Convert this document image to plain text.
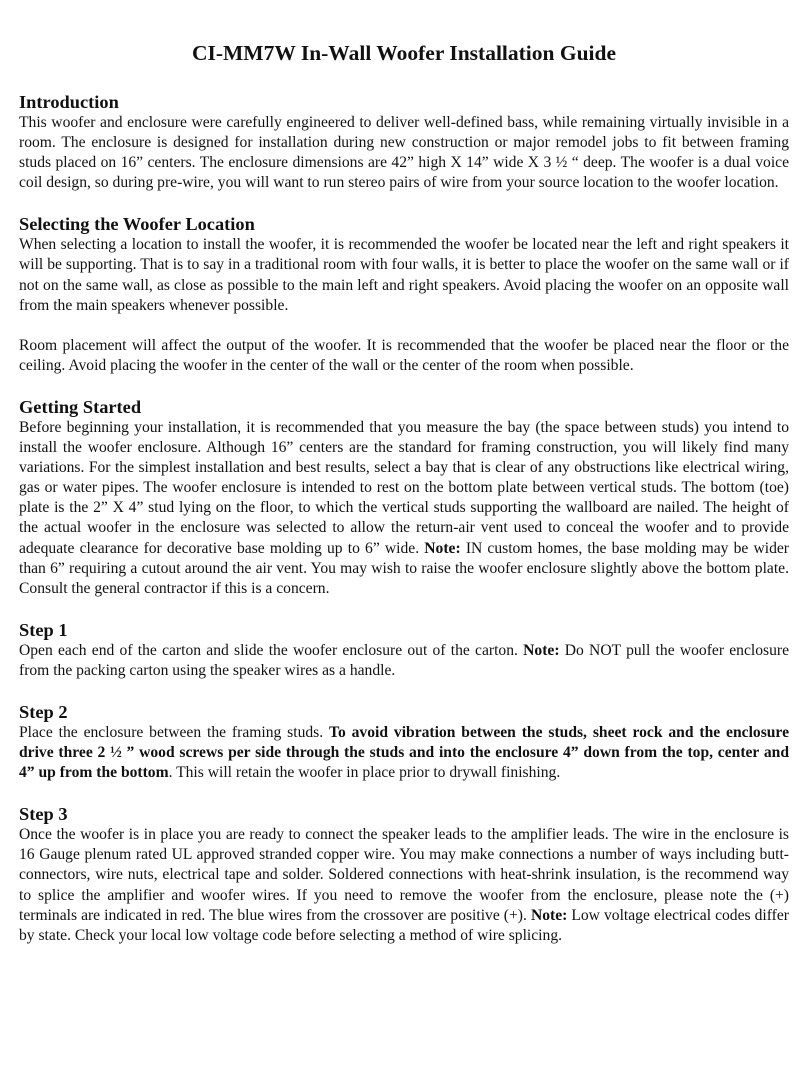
CI-MM7W In-Wall Woofer Installation Guide
Introduction

This woofer and enclosure were carefully engineered to deliver well-defined bass, while remaining virtually invisible in a room. The enclosure is designed for installation during new construction or major remodel jobs to fit between framing studs placed on 16” centers. The enclosure dimensions are 42” high X 14” wide X 3 ½ “ deep. The woofer is a dual voice coil design, so during pre-wire, you will want to run stereo pairs of wire from your source location to the woofer location.

Selecting the Woofer Location

When selecting a location to install the woofer, it is recommended the woofer be located near the left and right speakers it will be supporting. That is to say in a traditional room with four walls, it is better to place the woofer on the same wall or if not on the same wall, as close as possible to the main left and right speakers. Avoid placing the woofer on an opposite wall from the main speakers whenever possible.

Room placement will affect the output of the woofer. It is recommended that the woofer be placed near the floor or the ceiling. Avoid placing the woofer in the center of the wall or the center of the room when possible.

Getting Started

Before beginning your installation, it is recommended that you measure the bay (the space between studs) you intend to install the woofer enclosure. Although 16” centers are the standard for framing construction, you will likely find many variations. For the simplest installation and best results, select a bay that is clear of any obstructions like electrical wiring, gas or water pipes. The woofer enclosure is intended to rest on the bottom plate between vertical studs. The bottom (toe) plate is the 2” X 4” stud lying on the floor, to which the vertical studs supporting the wallboard are nailed. The height of the actual woofer in the enclosure was selected to allow the return-air vent used to conceal the woofer and to provide adequate clearance for decorative base molding up to 6” wide. Note: IN custom homes, the base molding may be wider than 6” requiring a cutout around the air vent. You may wish to raise the woofer enclosure slightly above the bottom plate. Consult the general contractor if this is a concern.

Step 1

Open each end of the carton and slide the woofer enclosure out of the carton. Note: Do NOT pull the woofer enclosure from the packing carton using the speaker wires as a handle.

Step 2

Place the enclosure between the framing studs. To avoid vibration between the studs, sheet rock and the enclosure drive three 2 ½ ” wood screws per side through the studs and into the enclosure 4” down from the top, center and 4” up from the bottom. This will retain the woofer in place prior to drywall finishing.

Step 3

Once the woofer is in place you are ready to connect the speaker leads to the amplifier leads. The wire in the enclosure is 16 Gauge plenum rated UL approved stranded copper wire. You may make connections a number of ways including butt-connectors, wire nuts, electrical tape and solder. Soldered connections with heat-shrink insulation, is the recommend way to splice the amplifier and woofer wires. If you need to remove the woofer from the enclosure, please note the (+) terminals are indicated in red. The blue wires from the crossover are positive (+). Note: Low voltage electrical codes differ by state. Check your local low voltage code before selecting a method of wire splicing.
